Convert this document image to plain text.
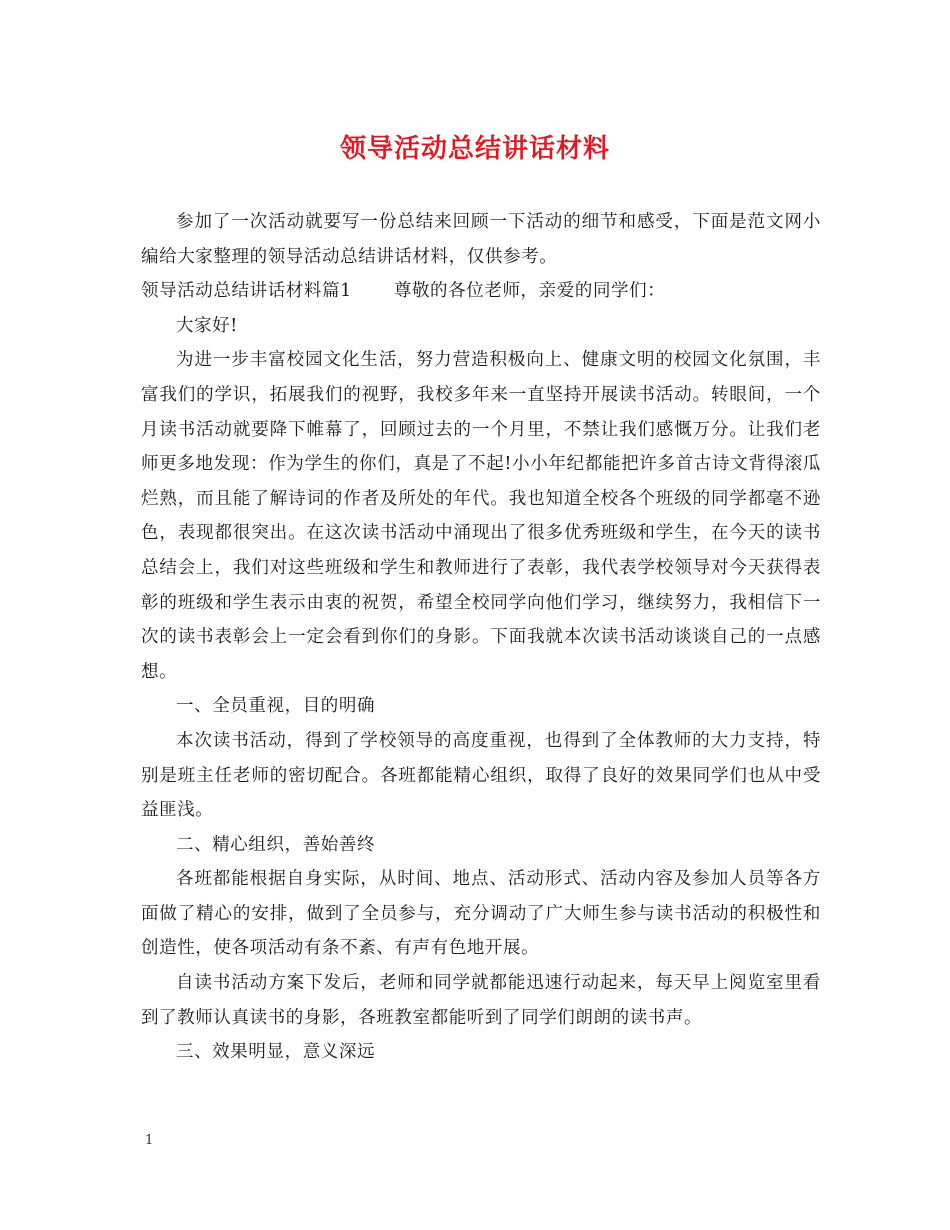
领导活动总结讲话材料

参加了一次活动就要写一份总结来回顾一下活动的细节和感受，下面是范文网小编给大家整理的领导活动总结讲话材料，仅供参考。

领导活动总结讲话材料篇1 尊敬的各位老师，亲爱的同学们：

大家好!

为进一步丰富校园文化生活，努力营造积极向上、健康文明的校园文化氛围，丰富我们的学识，拓展我们的视野，我校多年来一直坚持开展读书活动。转眼间，一个月读书活动就要降下帷幕了，回顾过去的一个月里，不禁让我们感慨万分。让我们老师更多地发现：作为学生的你们，真是了不起!小小年纪都能把许多首古诗文背得滚瓜烂熟，而且能了解诗词的作者及所处的年代。我也知道全校各个班级的同学都毫不逊色，表现都很突出。在这次读书活动中涌现出了很多优秀班级和学生，在今天的读书总结会上，我们对这些班级和学生和教师进行了表彰，我代表学校领导对今天获得表彰的班级和学生表示由衷的祝贺，希望全校同学向他们学习，继续努力，我相信下一次的读书表彰会上一定会看到你们的身影。下面我就本次读书活动谈谈自己的一点感想。

一、全员重视，目的明确

本次读书活动，得到了学校领导的高度重视，也得到了全体教师的大力支持，特别是班主任老师的密切配合。各班都能精心组织，取得了良好的效果同学们也从中受益匪浅。

二、精心组织，善始善终

各班都能根据自身实际，从时间、地点、活动形式、活动内容及参加人员等各方面做了精心的安排，做到了全员参与，充分调动了广大师生参与读书活动的积极性和创造性，使各项活动有条不紊、有声有色地开展。

自读书活动方案下发后，老师和同学就都能迅速行动起来，每天早上阅览室里看到了教师认真读书的身影，各班教室都能听到了同学们朗朗的读书声。

三、效果明显，意义深远

1
